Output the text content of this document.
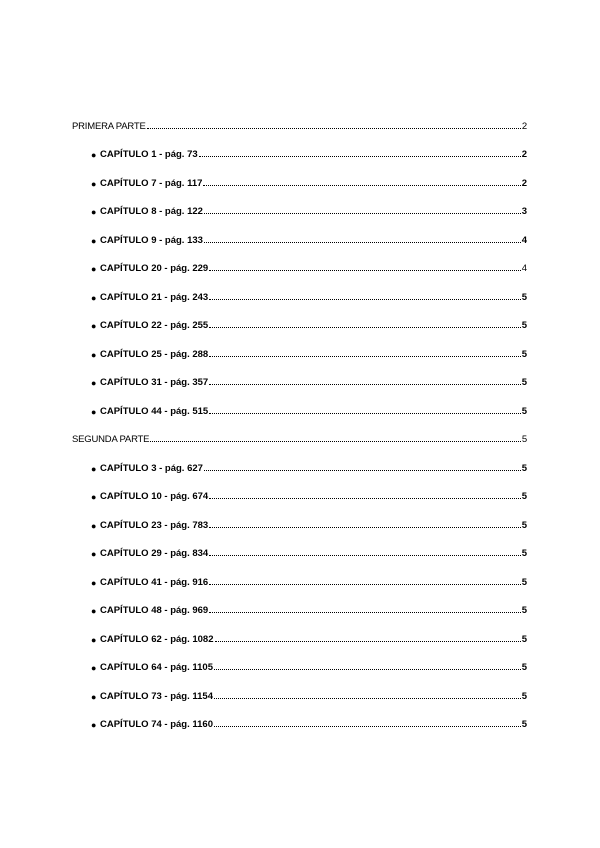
PRIMERA PARTE	2
● CAPÍTULO 1 - pág. 73	2
● CAPÍTULO 7 - pág. 117	2
● CAPÍTULO 8 - pág. 122	3
● CAPÍTULO 9 - pág. 133	4
● CAPÍTULO 20 - pág. 229	4
● CAPÍTULO 21 - pág. 243	5
● CAPÍTULO 22 - pág. 255	5
● CAPÍTULO 25 - pág. 288	5
● CAPÍTULO 31 - pág. 357	5
● CAPÍTULO 44 - pág. 515	5
SEGUNDA PARTE	5
● CAPÍTULO 3 - pág. 627	5
● CAPÍTULO 10 - pág. 674	5
● CAPÍTULO 23 - pág. 783	5
● CAPÍTULO 29 - pág. 834	5
● CAPÍTULO 41 - pág. 916	5
● CAPÍTULO 48 - pág. 969	5
● CAPÍTULO 62 - pág. 1082	5
● CAPÍTULO 64 - pág. 1105	5
● CAPÍTULO 73 - pág. 1154	5
● CAPÍTULO 74 - pág. 1160	5
